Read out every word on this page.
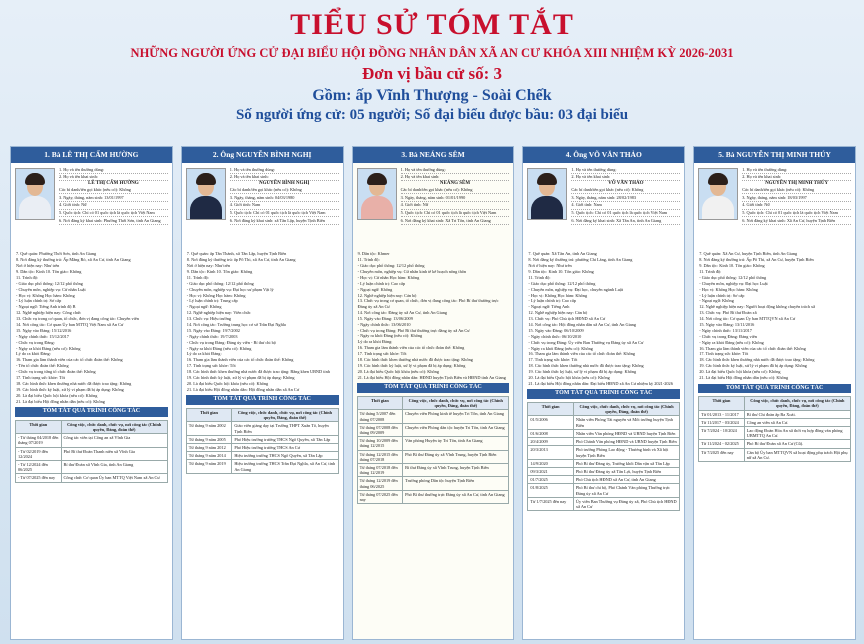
TIỂU SỬ TÓM TẮT
NHỮNG NGƯỜI ỨNG CỬ ĐẠI BIỂU HỘI ĐỒNG NHÂN DÂN XÃ AN CƯ KHÓA XIII NHIỆM KỲ 2026-2031
Đơn vị bầu cử số: 3
Gồm: ấp Vĩnh Thượng - Soài Chếk
Số người ứng cử: 05 người; Số đại biểu được bầu: 03 đại biểu
1. Bà LÊ THỊ CẨM HƯỜNG
1. Họ và tên thường dùng:
2. Họ và tên khai sinh:
LÊ THỊ CẨM HƯỜNG
Các bí danh/tên gọi khác (nếu có): Không
3. Ngày, tháng, năm sinh: 13/01/1997
4. Giới tính: Nữ
5. Quốc tịch: Chỉ có 01 quốc tịch là quốc tịch Việt Nam
6. Nơi đăng ký khai sinh: Phường Thới Sơn, tỉnh An Giang
7. Quê quán: Phường Thới Sơn, tỉnh An Giang
8. Nơi đăng ký thường trú: Ấp Mằng Rò, xã An Cư, tỉnh An Giang
Nơi ở hiện nay: Như trên
9. Dân tộc: Kinh 10. Tôn giáo: Không
11. Trình độ:
- Giáo dục phổ thông: 12/12 phổ thông
- Chuyên môn, nghiệp vụ: Cử nhân Luật
- Học vị: Không Học hàm: Không
- Lý luận chính trị: Sơ cấp
- Ngoại ngữ: Tiếng Anh trình độ B
12. Nghề nghiệp hiện nay: Công chức
13. Chức vụ trong cơ quan, tổ chức, đơn vị đang công tác: Chuyên viên
14. Nơi công tác: Cơ quan Ủy ban MTTQ Việt Nam xã An Cư
15. Ngày vào Đảng: 15/12/2016
- Ngày chính thức: 15/12/2017
- Chức vụ trong Đảng:
- Ngày ra khỏi Đảng (nếu có): Không
Lý do ra khỏi Đảng:
16. Tham gia làm thành viên của các tổ chức đoàn thể: Không
- Tên tổ chức đoàn thể: Không
- Chức vụ trong từng tổ chức đoàn thể: Không
17. Tình trạng sức khỏe: Tốt
18. Các hình thức khen thưởng nhà nước đã được trao tặng: Không
19. Các hình thức kỷ luật, xử lý vi phạm đã bị áp dụng: Không
20. Là đại biểu Quốc hội khóa (nếu có): Không
21. Là đại biểu Hội đồng nhân dân (nếu có): Không
TÓM TẮT QUÁ TRÌNH CÔNG TÁC
Thời gian	Công việc, chức danh, chức vụ, nơi công tác (Chính quyền, Đảng, đoàn thể)
- Từ tháng 04/2018 đến tháng 07/2019	Công tác viên tại Công an xã Vĩnh Gia
- Từ 02/2019 đến 12/2024	Phó Bí thư Đoàn Thanh niên xã Vĩnh Gia
- Từ 12/2024 đến 06/2025	Bí thư Đoàn xã Vĩnh Gia, tỉnh An Giang
- Từ 07/2025 đến nay	Công chức Cơ quan Ủy ban MTTQ Việt Nam xã An Cư
2. Ông NGUYỄN BÌNH NGHỊ
1. Họ và tên thường dùng:
2. Họ và tên khai sinh:
NGUYỄN BÌNH NGHỊ
Các bí danh/tên gọi khác (nếu có): Không
3. Ngày, tháng, năm sinh: 04/03/1980
4. Giới tính: Nam
5. Quốc tịch: Chỉ có 01 quốc tịch là quốc tịch Việt Nam
6. Nơi đăng ký khai sinh: xã Tân Lập, huyện Tịnh Biên
7. Quê quán: ấp Tân Thành, xã Tân Lập, huyện Tịnh Biên
8. Nơi đăng ký thường trú: ấp Pô Thi, xã An Cư, tỉnh An Giang
Nơi ở hiện nay: Như trên
9. Dân tộc: Kinh 10. Tôn giáo: Không
11. Trình độ:
- Giáo dục phổ thông: 12/12 phổ thông
- Chuyên môn, nghiệp vụ: Đại học sư phạm Vật lý
- Học vị: Không Học hàm: Không
- Lý luận chính trị: Trung cấp
- Ngoại ngữ: Không
12. Nghề nghiệp hiện nay: Viên chức
13. Chức vụ: Hiệu trưởng
14. Nơi công tác: Trường trung học cơ sở Trần Đại Nghĩa
15. Ngày vào Đảng: 19/7/2002
- Ngày chính thức: 19/7/2003
- Chức vụ trong Đảng: Đảng ủy viên - Bí thư chi bộ
- Ngày ra khỏi Đảng (nếu có): Không
Lý do ra khỏi Đảng:
16. Tham gia làm thành viên của các tổ chức đoàn thể: Không
17. Tình trạng sức khỏe: Tốt
18. Các hình thức khen thưởng nhà nước đã được trao tặng: Bằng khen UBND tỉnh
19. Các hình thức kỷ luật, xử lý vi phạm đã bị áp dụng: Không
20. Là đại biểu Quốc hội khóa (nếu có): Không
21. Là đại biểu Hội đồng nhân dân: Hội đồng nhân dân xã An Cư
TÓM TẮT QUÁ TRÌNH CÔNG TÁC
Thời gian	Công việc, chức danh, chức vụ, nơi công tác (Chính quyền, Đảng, đoàn thể)
Từ tháng 9 năm 2002	Giáo viên giảng dạy tại Trường THPT Xuân Tô, huyện Tịnh Biên
Từ tháng 9 năm 2005	Phó Hiệu trưởng trường THCS Ngô Quyền, xã Tân Lập
Từ tháng 9 năm 2012	Phó Hiệu trưởng trường THCS An Cư
Từ tháng 9 năm 2014	Hiệu trưởng trường THCS Ngô Quyền, xã Tân Lập
Từ tháng 9 năm 2019	Hiệu trưởng trường THCS Trần Đại Nghĩa, xã An Cư, tỉnh An Giang
3. Bà NEÁNG SÊM
1. Họ và tên thường dùng:
2. Họ và tên khai sinh:
NEÁNG SÊM
Các bí danh/tên gọi khác (nếu có): Không
3. Ngày, tháng, năm sinh: 01/01/1990
4. Giới tính: Nữ
5. Quốc tịch: Chỉ có 01 quốc tịch là quốc tịch Việt Nam
6. Nơi đăng ký khai sinh: Xã Tri Tôn, tỉnh An Giang
9. Dân tộc: Khmer
11. Trình độ:
- Giáo dục phổ thông: 12/12 phổ thông
- Chuyên môn, nghiệp vụ: Cử nhân kinh tế kế hoạch nông thôn
- Học vị: Cử nhân Học hàm: Không
- Lý luận chính trị: Cao cấp
- Ngoại ngữ: Không
12. Nghề nghiệp hiện nay: Cán bộ
13. Chức vụ trong cơ quan, tổ chức, đơn vị đang công tác: Phó Bí thư thường trực Đảng ủy xã An Cư
14. Nơi công tác: Đảng ủy xã An Cư, tỉnh An Giang
15. Ngày vào Đảng: 13/06/2009
- Ngày chính thức: 13/06/2010
- Chức vụ trong Đảng: Phó Bí thư thường trực đảng ủy xã An Cư
- Ngày ra khỏi Đảng (nếu có): Không
Lý do ra khỏi Đảng:
16. Tham gia làm thành viên của các tổ chức đoàn thể: Không
17. Tình trạng sức khỏe: Tốt
18. Các hình thức khen thưởng nhà nước đã được trao tặng: Không
19. Các hình thức kỷ luật, xử lý vi phạm đã bị áp dụng: Không
20. Là đại biểu Quốc hội khóa (nếu có): Không
21. Là đại biểu Hội đồng nhân dân: HĐND huyện Tịnh Biên và HĐND tỉnh An Giang
TÓM TẮT QUÁ TRÌNH CÔNG TÁC
Thời gian	Công việc, chức danh, chức vụ, nơi công tác (Chính quyền, Đảng, đoàn thể)
Từ tháng 5/2007 đến tháng 07/2008	Chuyên viên Phòng kinh tế huyện Tri Tôn, tỉnh An Giang
Từ tháng 07/2008 đến tháng 09/2009	Chuyên viên Phòng dân tộc huyện Tri Tôn, tỉnh An Giang
Từ tháng 10/2009 đến tháng 12/2015	Văn phòng Huyện ủy Tri Tôn, tỉnh An Giang
Từ tháng 12/2015 đến tháng 07/2018	Phó Bí thư Đảng ủy xã Vĩnh Trung, huyện Tịnh Biên
Từ tháng 07/2018 đến tháng 12/2019	Bí thư Đảng ủy xã Vĩnh Trung, huyện Tịnh Biên
Từ tháng 12/2019 đến tháng 06/2025	Trưởng phòng Dân tộc huyện Tịnh Biên
Từ tháng 07/2025 đến nay	Phó Bí thư thường trực Đảng ủy xã An Cư, tỉnh An Giang
4. Ông VÕ VĂN THẢO
1. Họ và tên thường dùng:
2. Họ và tên khai sinh:
VÕ VĂN THẢO
Các bí danh/tên gọi khác (nếu có): Không
3. Ngày, tháng, năm sinh: 28/02/1983
4. Giới tính: Nam
5. Quốc tịch: Chỉ có 01 quốc tịch là quốc tịch Việt Nam
6. Nơi đăng ký khai sinh: Xã Tân An, tỉnh An Giang
7. Quê quán: Xã Tân An, tỉnh An Giang
8. Nơi đăng ký thường trú: phường Chi Lăng, tỉnh An Giang
Nơi ở hiện nay: Như trên
9. Dân tộc: Kinh 10. Tôn giáo: Không
11. Trình độ:
- Giáo dục phổ thông: 12/12 phổ thông
- Chuyên môn, nghiệp vụ: Đại học, chuyên ngành Luật
- Học vị: Không Học hàm: Không
- Lý luận chính trị: Cao cấp
- Ngoại ngữ: Tiếng Anh
12. Nghề nghiệp hiện nay: Cán bộ
13. Chức vụ: Phó Chủ tịch HĐND xã An Cư
14. Nơi công tác: Hội đồng nhân dân xã An Cư, tỉnh An Giang
15. Ngày vào Đảng: 06/10/2009
- Ngày chính thức: 06/10/2010
- Chức vụ trong Đảng: Ủy viên Ban Thường vụ Đảng ủy xã An Cư
- Ngày ra khỏi Đảng (nếu có): Không
16. Tham gia làm thành viên của các tổ chức đoàn thể: Không
17. Tình trạng sức khỏe: Tốt
18. Các hình thức khen thưởng nhà nước đã được trao tặng: Không
19. Các hình thức kỷ luật, xử lý vi phạm đã bị áp dụng: Không
20. Là đại biểu Quốc hội khóa (nếu có): Không
21. Là đại biểu Hội đồng nhân dân: Đại biểu HĐND xã An Cư nhiệm kỳ 2021-2026
TÓM TẮT QUÁ TRÌNH CÔNG TÁC
Thời gian	Công việc, chức danh, chức vụ, nơi công tác (Chính quyền, Đảng, đoàn thể)
01/5/2006	Nhân viên Phòng Tài nguyên và Môi trường huyện Tịnh Biên
01/6/2008	Nhân viên Văn phòng HĐND và UBND huyện Tịnh Biên
20/4/2009	Phó Chánh Văn phòng HĐND và UBND huyện Tịnh Biên
20/3/2013	Phó trưởng Phòng Lao động - Thương binh và Xã hội huyện Tịnh Biên
14/9/2020	Phó Bí thư Đảng ủy, Trưởng khối Dân vận xã Tân Lập
09/3/2021	Phó Bí thư Đảng ủy xã Tân Lợi, huyện Tịnh Biên
01/7/2025	Phó Chủ tịch HĐND xã An Cư, tỉnh An Giang
01/8/2025	Phó Bí thư chi bộ, Phó Chánh Văn phòng Thường trực Đảng ủy xã An Cư
Từ 1/7/2025 đến nay	Ủy viên Ban Thường vụ Đảng ủy xã, Phó Chủ tịch HĐND xã An Cư
5. Bà NGUYỄN THỊ MINH THÚY
1. Họ và tên thường dùng:
2. Họ và tên khai sinh:
NGUYỄN THỊ MINH THÚY
Các bí danh/tên gọi khác (nếu có): Không
3. Ngày, tháng, năm sinh: 18/03/1997
4. Giới tính: Nữ
5. Quốc tịch: Chỉ có 01 quốc tịch là quốc tịch Việt Nam
6. Nơi đăng ký khai sinh: Xã An Cư, huyện Tịnh Biên
7. Quê quán: Xã An Cư, huyện Tịnh Biên, tỉnh An Giang
8. Nơi đăng ký thường trú: Ấp Pô Thi, xã An Cư, huyện Tịnh Biên
9. Dân tộc: Kinh 10. Tôn giáo: Không
11. Trình độ:
- Giáo dục phổ thông: 12/12 phổ thông
- Chuyên môn, nghiệp vụ: Đại học Luật
- Học vị: Không Học hàm: Không
- Lý luận chính trị: Sơ cấp
- Ngoại ngữ: Không
12. Nghề nghiệp hiện nay: Người hoạt động không chuyên trách xã
13. Chức vụ: Phó Bí thư Đoàn xã
14. Nơi công tác: Cơ quan Ủy ban MTTQVN xã An Cư
15. Ngày vào Đảng: 13/11/2016
- Ngày chính thức: 13/11/2017
- Chức vụ trong Đảng: Đảng viên
- Ngày ra khỏi Đảng (nếu có): Không
16. Tham gia làm thành viên của các tổ chức đoàn thể: Không
17. Tình trạng sức khỏe: Tốt
18. Các hình thức khen thưởng nhà nước đã được trao tặng: Không
19. Các hình thức kỷ luật, xử lý vi phạm đã bị áp dụng: Không
20. Là đại biểu Quốc hội khóa (nếu có): Không
21. Là đại biểu Hội đồng nhân dân (nếu có): Không
TÓM TẮT QUÁ TRÌNH CÔNG TÁC
Thời gian	Công việc, chức danh, chức vụ, nơi công tác (Chính quyền, Đảng, đoàn thể)
Từ 01/2013 - 11/2017	Bí thư Chi đoàn ấp Ba Xoài.
Từ 11/2017 - 03/2024	Công an viên xã An Cư.
Từ 7/2024 - 10/2024	Lao động Đoàn Hóa An xã thời vụ hợp đồng văn phòng UBMTTQ An Cư.
Từ 11/2024 - 02/2025	Phó Bí thư Đoàn xã An Cư (Cũ).
Từ 7/2025 đến nay	Cán bộ Ủy ban MTTQVN xã hoạt động phụ trách Hội phụ nữ xã An Cư.
